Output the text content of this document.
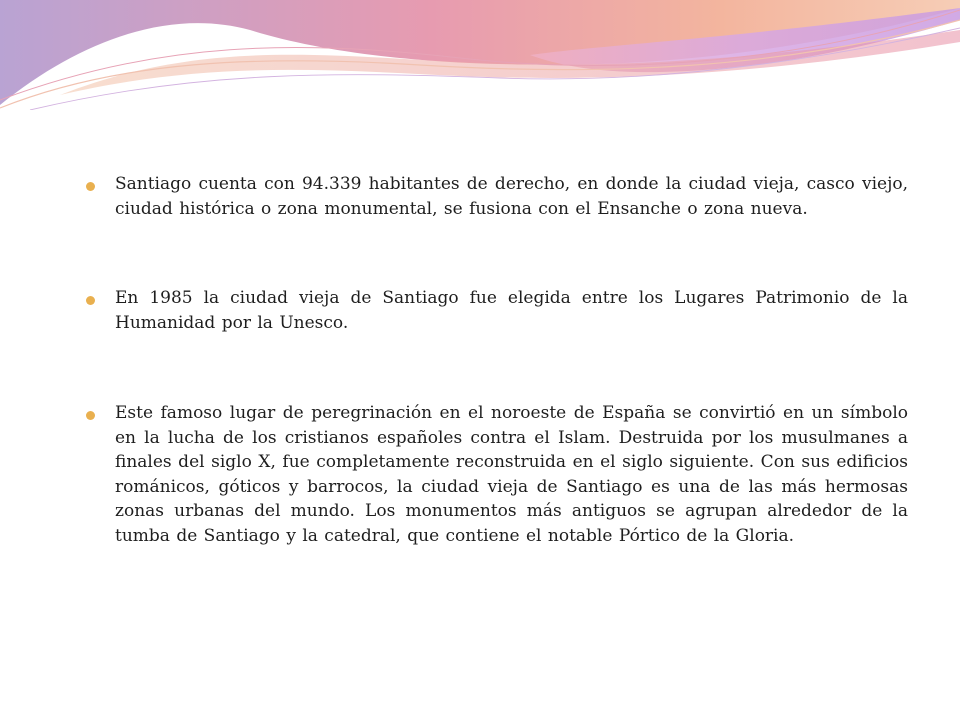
Santiago cuenta con 94.339 habitantes de derecho, en donde la ciudad vieja, casco viejo, ciudad histórica o zona monumental, se fusiona con el Ensanche o zona nueva.
En 1985 la ciudad vieja de Santiago fue elegida entre los Lugares Patrimonio de la Humanidad por la Unesco.
Este famoso lugar de peregrinación en el noroeste de España se convirtió en un símbolo en la lucha de los cristianos españoles contra el Islam. Destruida por los musulmanes a finales del siglo X, fue completamente reconstruida en el siglo siguiente. Con sus edificios románicos, góticos y barrocos, la ciudad vieja de Santiago es una de las más hermosas zonas urbanas del mundo. Los monumentos más antiguos se agrupan alrededor de la tumba de Santiago y la catedral, que contiene el notable Pórtico de la Gloria.
